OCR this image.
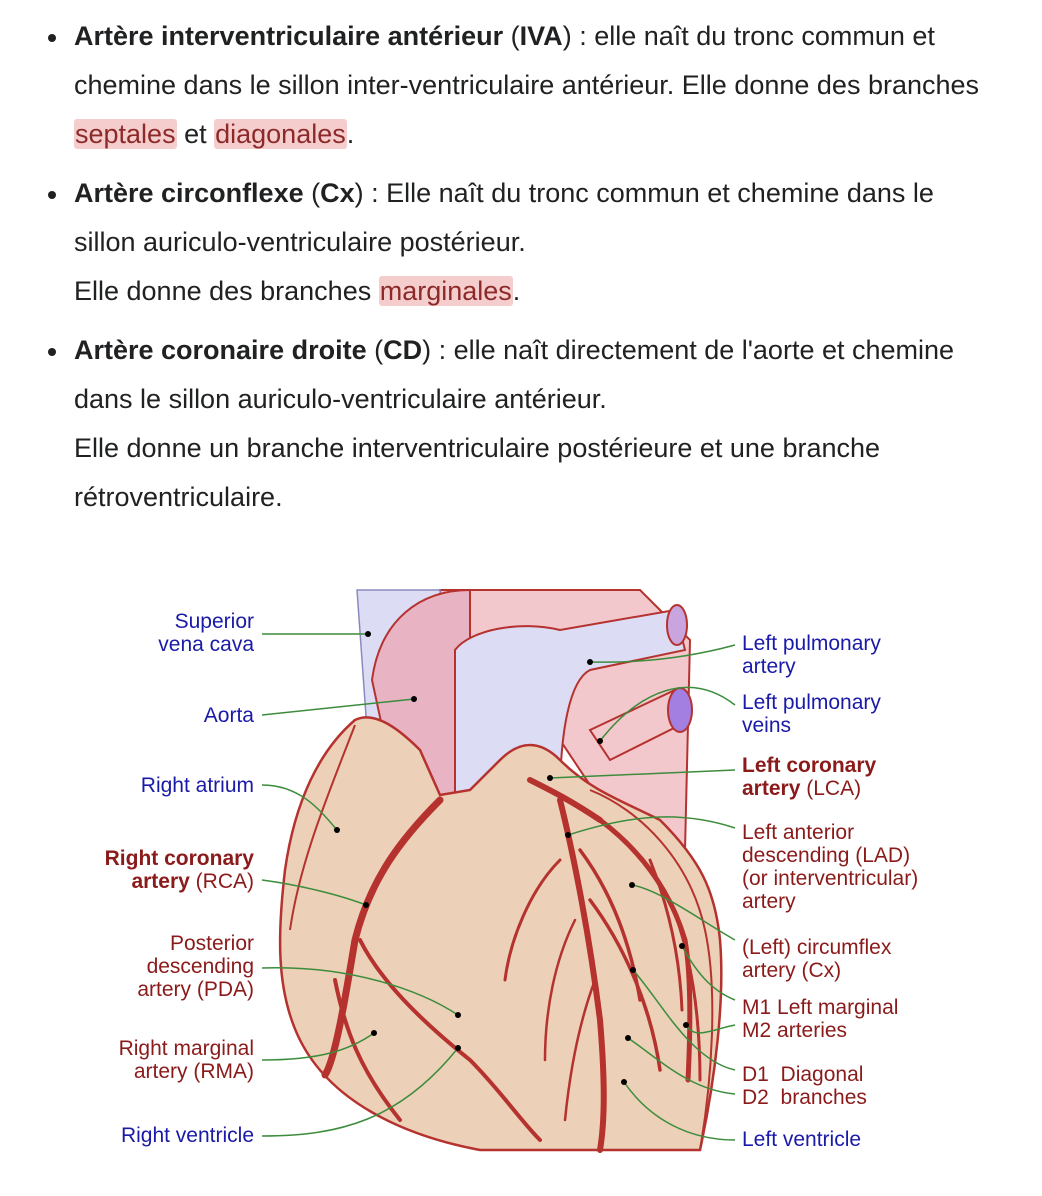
Artère interventriculaire antérieur (IVA) : elle naît du tronc commun et chemine dans le sillon inter-ventriculaire antérieur. Elle donne des branches septales et diagonales.
Artère circonflexe (Cx) : Elle naît du tronc commun et chemine dans le sillon auriculo-ventriculaire postérieur.
Elle donne des branches marginales.
Artère coronaire droite (CD) : elle naît directement de l'aorte et chemine dans le sillon auriculo-ventriculaire antérieur.
Elle donne un branche interventriculaire postérieure et une branche rétroventriculaire.
Superior
vena cava
Aorta
Right atrium
Right coronary
artery (RCA)
Posterior
descending
artery (PDA)
Right marginal
artery (RMA)
Right ventricle
Left pulmonary
artery
Left pulmonary
veins
Left coronary
artery (LCA)
Left anterior
descending (LAD)
(or interventricular)
artery
(Left) circumflex
artery (Cx)
M1 Left marginal
M2 arteries
D1 Diagonal
D2 branches
Left ventricle
